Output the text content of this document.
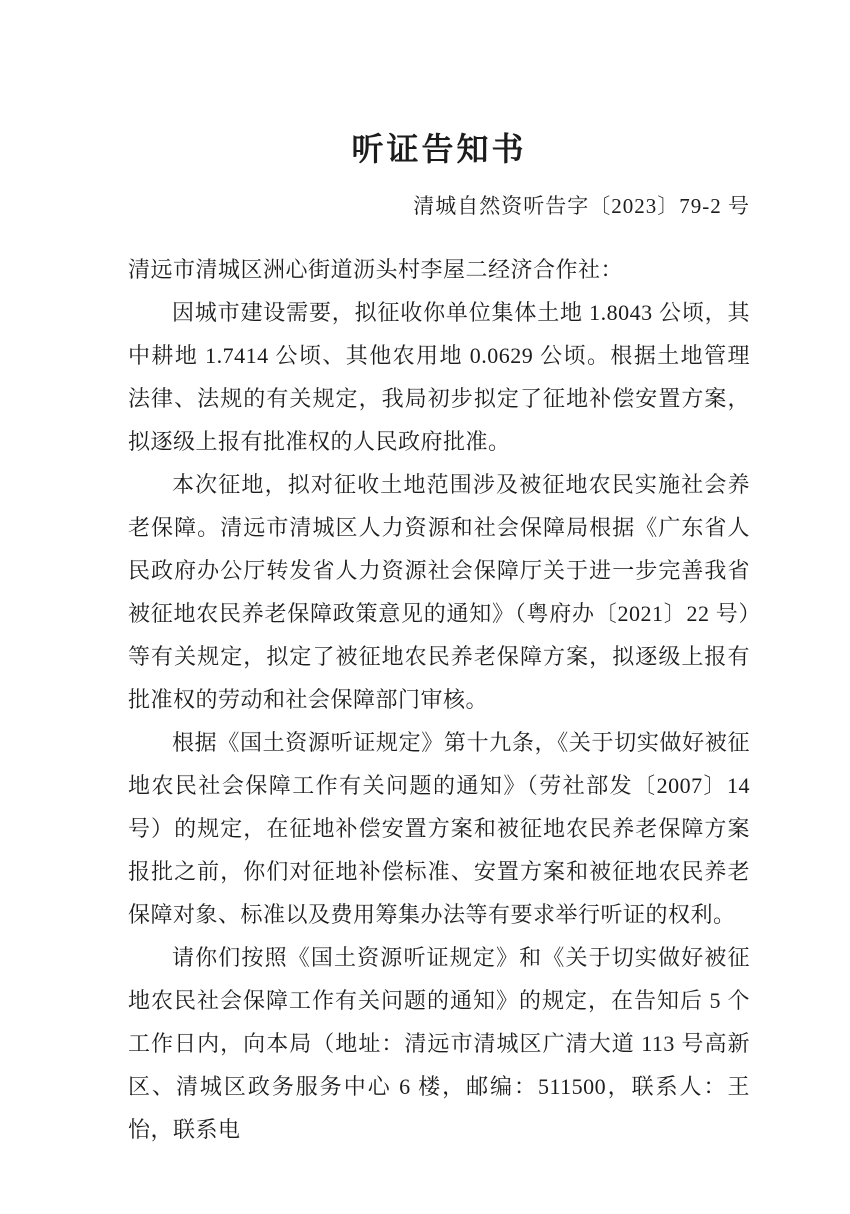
听证告知书
清城自然资听告字〔2023〕79-2 号
清远市清城区洲心街道沥头村李屋二经济合作社：

因城市建设需要，拟征收你单位集体土地 1.8043 公顷，其中耕地 1.7414 公顷、其他农用地 0.0629 公顷。根据土地管理法律、法规的有关规定，我局初步拟定了征地补偿安置方案，拟逐级上报有批准权的人民政府批准。

本次征地，拟对征收土地范围涉及被征地农民实施社会养老保障。清远市清城区人力资源和社会保障局根据《广东省人民政府办公厅转发省人力资源社会保障厅关于进一步完善我省被征地农民养老保障政策意见的通知》（粤府办〔2021〕22 号）等有关规定，拟定了被征地农民养老保障方案，拟逐级上报有批准权的劳动和社会保障部门审核。

根据《国土资源听证规定》第十九条，《关于切实做好被征地农民社会保障工作有关问题的通知》（劳社部发〔2007〕14 号）的规定，在征地补偿安置方案和被征地农民养老保障方案报批之前，你们对征地补偿标准、安置方案和被征地农民养老保障对象、标准以及费用筹集办法等有要求举行听证的权利。

请你们按照《国土资源听证规定》和《关于切实做好被征地农民社会保障工作有关问题的通知》的规定，在告知后 5 个工作日内，向本局（地址：清远市清城区广清大道 113 号高新区、清城区政务服务中心 6 楼，邮编：511500，联系人：王怡，联系电
